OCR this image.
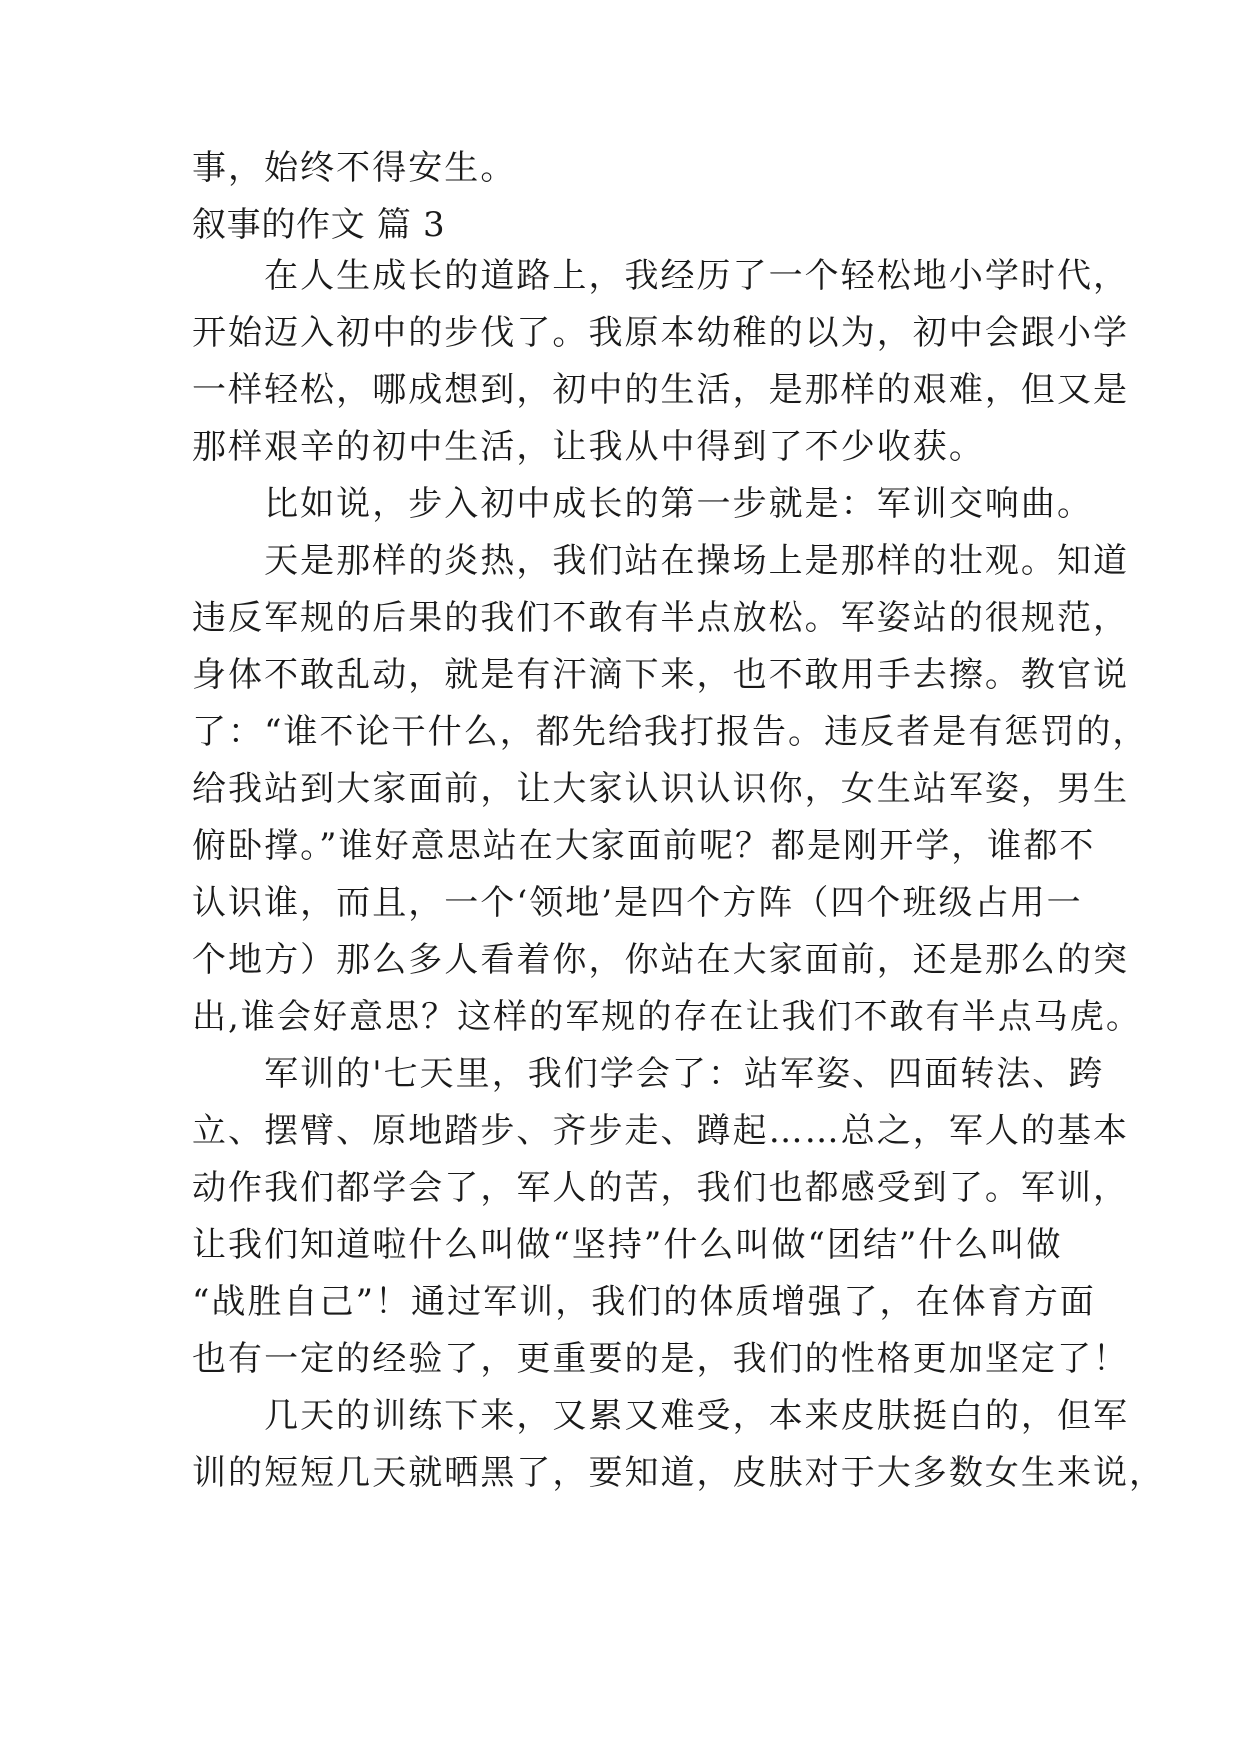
事，始终不得安生。
叙事的作文 篇 3
　　在人生成长的道路上，我经历了一个轻松地小学时代，
开始迈入初中的步伐了。我原本幼稚的以为，初中会跟小学
一样轻松，哪成想到，初中的生活，是那样的艰难，但又是
那样艰辛的初中生活，让我从中得到了不少收获。
　　比如说，步入初中成长的第一步就是：军训交响曲。
　　天是那样的炎热，我们站在操场上是那样的壮观。知道
违反军规的后果的我们不敢有半点放松。军姿站的很规范，
身体不敢乱动，就是有汗滴下来，也不敢用手去擦。教官说
了：“谁不论干什么，都先给我打报告。违反者是有惩罚的，
给我站到大家面前，让大家认识认识你，女生站军姿，男生
俯卧撑。”谁好意思站在大家面前呢？都是刚开学，谁都不
认识谁，而且，一个‘领地’是四个方阵（四个班级占用一
个地方）那么多人看着你，你站在大家面前，还是那么的突
出,谁会好意思？这样的军规的存在让我们不敢有半点马虎。
　　军训的'七天里，我们学会了：站军姿、四面转法、跨
立、摆臂、原地踏步、齐步走、蹲起……总之，军人的基本
动作我们都学会了，军人的苦，我们也都感受到了。军训，
让我们知道啦什么叫做“坚持”什么叫做“团结”什么叫做
“战胜自己”！通过军训，我们的体质增强了，在体育方面
也有一定的经验了，更重要的是，我们的性格更加坚定了！
　　几天的训练下来，又累又难受，本来皮肤挺白的，但军
训的短短几天就晒黑了，要知道，皮肤对于大多数女生来说，
